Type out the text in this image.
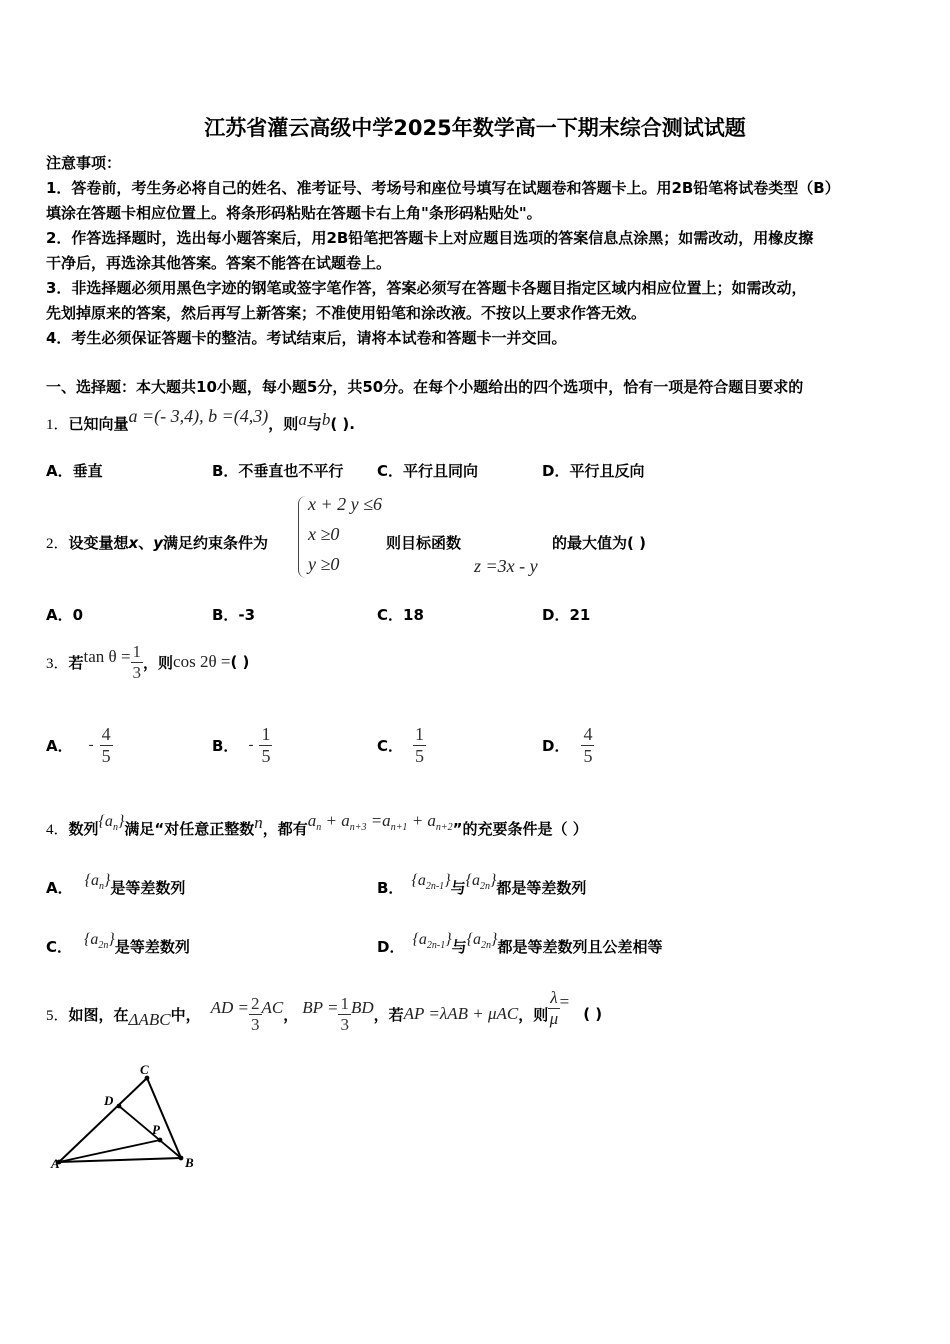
江苏省灌云高级中学2025年数学高一下期末综合测试试题
注意事项：
1．答卷前，考生务必将自己的姓名、准考证号、考场号和座位号填写在试题卷和答题卡上。用2B铅笔将试卷类型（B）
填涂在答题卡相应位置上。将条形码粘贴在答题卡右上角"条形码粘贴处"。
2．作答选择题时，选出每小题答案后，用2B铅笔把答题卡上对应题目选项的答案信息点涂黑；如需改动，用橡皮擦
干净后，再选涂其他答案。答案不能答在试题卷上。
3．非选择题必须用黑色字迹的钢笔或签字笔作答，答案必须写在答题卡各题目指定区域内相应位置上；如需改动，
先划掉原来的答案，然后再写上新答案；不准使用铅笔和涂改液。不按以上要求作答无效。
4．考生必须保证答题卡的整洁。考试结束后，请将本试卷和答题卡一并交回。
一、选择题：本大题共10小题，每小题5分，共50分。在每个小题给出的四个选项中，恰有一项是符合题目要求的
1．已知向量a =(- 3,4), b =(4,3)，则a与b( ).
A．垂直	B．不垂直也不平行 C．平行且同向	D．平行且反向
2．设变量想x、y满足约束条件为
x + 2 y ≤6
x ≥0
y ≥0
则目标函数
z =3x - y
的最大值为( )
A．0	B．-3	C．18	D．21
3． 若 $\tan \theta = \frac{1}{3}$ ，则 cos 2θ = ( )
A． - $\frac{4}{5}$	B． - $\frac{1}{5}$	C． $\frac{1}{5}$	D． $\frac{4}{5}$
4．数列$\{a_n\}$满足“对任意正整数n，都有$a_n + a_{n+3} =a_{n+1} + a_{n+2}$”的充要条件是（ ）
A． $\{a_n\}$是等差数列	B． $\{a_{2n-1}\}$与$\{a_{2n}\}$都是等差数列
C． $\{a_{2n}\}$是等差数列	D． $\{a_{2n-1}\}$与$\{a_{2n}\}$都是等差数列且公差相等
5． 如图，在 ΔABC 中， AD = $\frac{2}{3}$ AC ， BP = $\frac{1}{3}$ BD ，若 AP =λAB + μAC ，则 $\frac{\lambda}{\mu}$ =
( )
A	B
C
D
P
